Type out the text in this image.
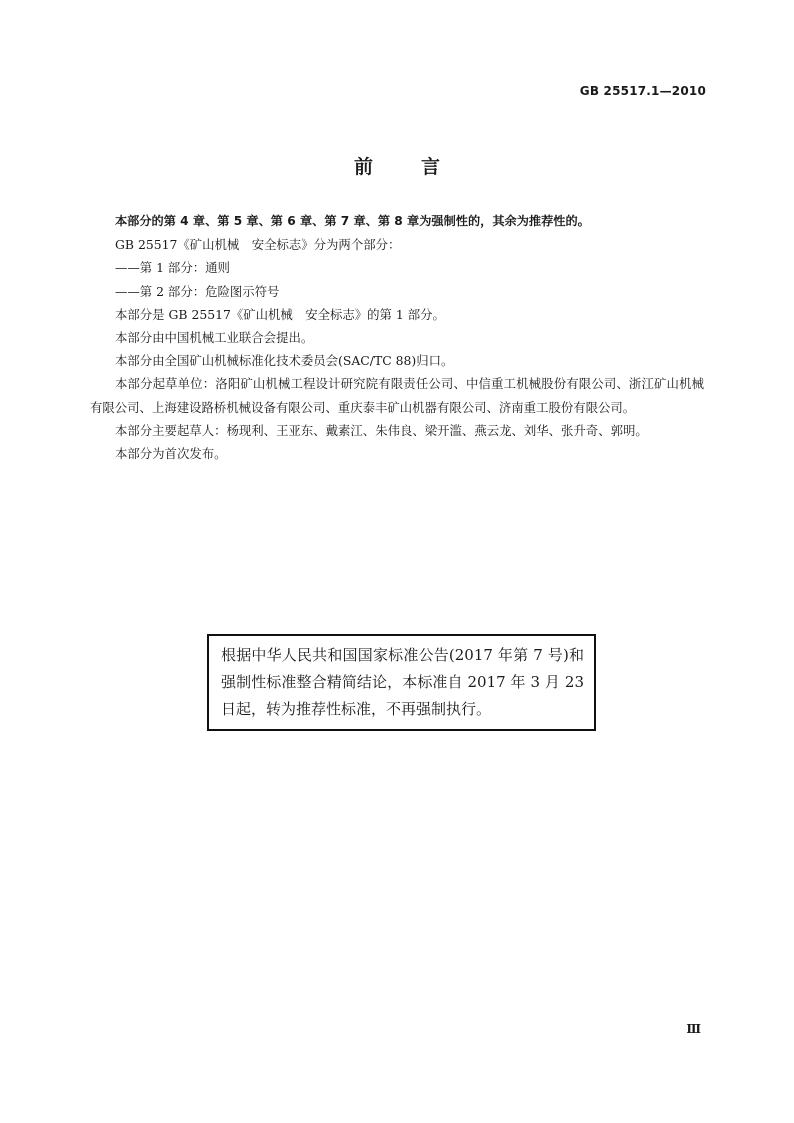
GB 25517.1—2010
前	言

本部分的第 4 章、第 5 章、第 6 章、第 7 章、第 8 章为强制性的，其余为推荐性的。

GB 25517《矿山机械　安全标志》分为两个部分：

——第 1 部分：通则

——第 2 部分：危险图示符号

本部分是 GB 25517《矿山机械　安全标志》的第 1 部分。

本部分由中国机械工业联合会提出。

本部分由全国矿山机械标准化技术委员会(SAC/TC 88)归口。

本部分起草单位：洛阳矿山机械工程设计研究院有限责任公司、中信重工机械股份有限公司、浙江矿山机械有限公司、上海建设路桥机械设备有限公司、重庆泰丰矿山机器有限公司、济南重工股份有限公司。

本部分主要起草人：杨现利、王亚东、戴素江、朱伟良、梁开滥、燕云龙、刘华、张升奇、郭明。

本部分为首次发布。

根据中华人民共和国国家标准公告(2017 年第 7 号)和强制性标准整合精简结论，本标准自 2017 年 3 月 23 日起，转为推荐性标准，不再强制执行。
Ⅲ
